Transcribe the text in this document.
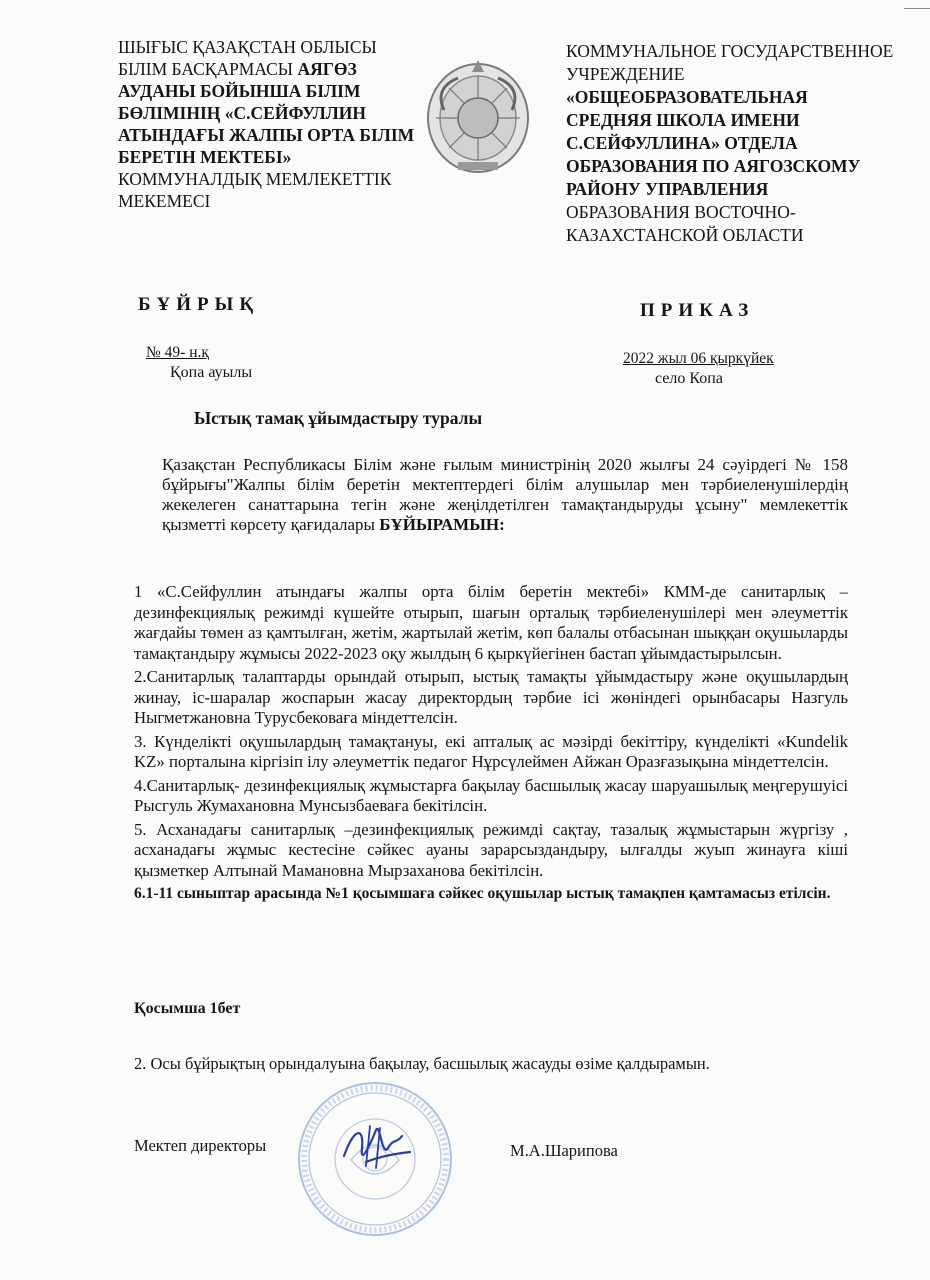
ШЫҒЫС ҚАЗАҚСТАН ОБЛЫСЫ
БІЛІМ БАСҚАРМАСЫ АЯГӨЗ АУДАНЫ БОЙЫНША БІЛІМ БӨЛІМІНІҢ «С.СЕЙФУЛЛИН АТЫНДАҒЫ ЖАЛПЫ ОРТА БІЛІМ БЕРЕТІН МЕКТЕБІ»
КОММУНАЛДЫҚ МЕМЛЕКЕТТІК МЕКЕМЕСІ
КОММУНАЛЬНОЕ ГОСУДАРСТВЕННОЕ УЧРЕЖДЕНИЕ
«ОБЩЕОБРАЗОВАТЕЛЬНАЯ СРЕДНЯЯ ШКОЛА ИМЕНИ С.СЕЙФУЛЛИНА» ОТДЕЛА ОБРАЗОВАНИЯ ПО АЯГОЗСКОМУ РАЙОНУ УПРАВЛЕНИЯ
ОБРАЗОВАНИЯ ВОСТОЧНО-КАЗАХСТАНСКОЙ ОБЛАСТИ
БҰЙРЫҚ	ПРИКАЗ
№ 49- н.қ
Қопа ауылы
2022 жыл 06 қыркүйек
село Копа
Ыстық тамақ ұйымдастыру туралы
Қазақстан Республикасы Білім және ғылым министрінің 2020 жылғы 24 сәуірдегі № 158 бұйрығы"Жалпы білім беретін мектептердегі білім алушылар мен тәрбиеленушілердің жекелеген санаттарына тегін және жеңілдетілген тамақтандыруды ұсыну" мемлекеттік қызметті көрсету қағидалары БҰЙЫРАМЫН:

1 «С.Сейфуллин атындағы жалпы орта білім беретін мектебі» КММ-де санитарлық –дезинфекциялық режимді күшейте отырып, шағын орталық тәрбиеленушілері мен әлеуметтік жағдайы төмен аз қамтылған, жетім, жартылай жетім, көп балалы отбасынан шыққан оқушыларды тамақтандыру жұмысы 2022-2023 оқу жылдың 6 қыркүйегінен бастап ұйымдастырылсын.

2.Санитарлық талаптарды орындай отырып, ыстық тамақты ұйымдастыру және оқушылардың жинау, іс-шаралар жоспарын жасау директордың тәрбие ісі жөніндегі орынбасары Назгуль Ныгметжановна Турусбековаға міндеттелсін.

3. Күнделікті оқушылардың тамақтануы, екі апталық ас мәзірді бекіттіру, күнделікті «Kundelik KZ» порталына кіргізіп ілу әлеуметтік педагог Нұрсүлеймен Айжан Оразғазықына міндеттелсін.

4.Санитарлық- дезинфекциялық жұмыстарға бақылау басшылық жасау шаруашылық меңгерушуісі Рысгуль Жумахановна Мунсызбаеваға бекітілсін.

5. Асханадағы санитарлық –дезинфекциялық режимді сақтау, тазалық жұмыстарын жүргізу , асханадағы жұмыс кестесіне сәйкес ауаны зарарсыздандыру, ылғалды жуып жинауға кіші қызметкер Алтынай Мамановна Мырзаханова бекітілсін.

6.1-11 сыныптар арасында №1 қосымшаға сәйкес оқушылар ыстық тамақпен қамтамасыз етілсін.

Қосымша 1бет
2. Осы бұйрықтың орындалуына бақылау, басшылық жасауды өзіме қалдырамын.
Мектеп директоры	М.А.Шарипова
